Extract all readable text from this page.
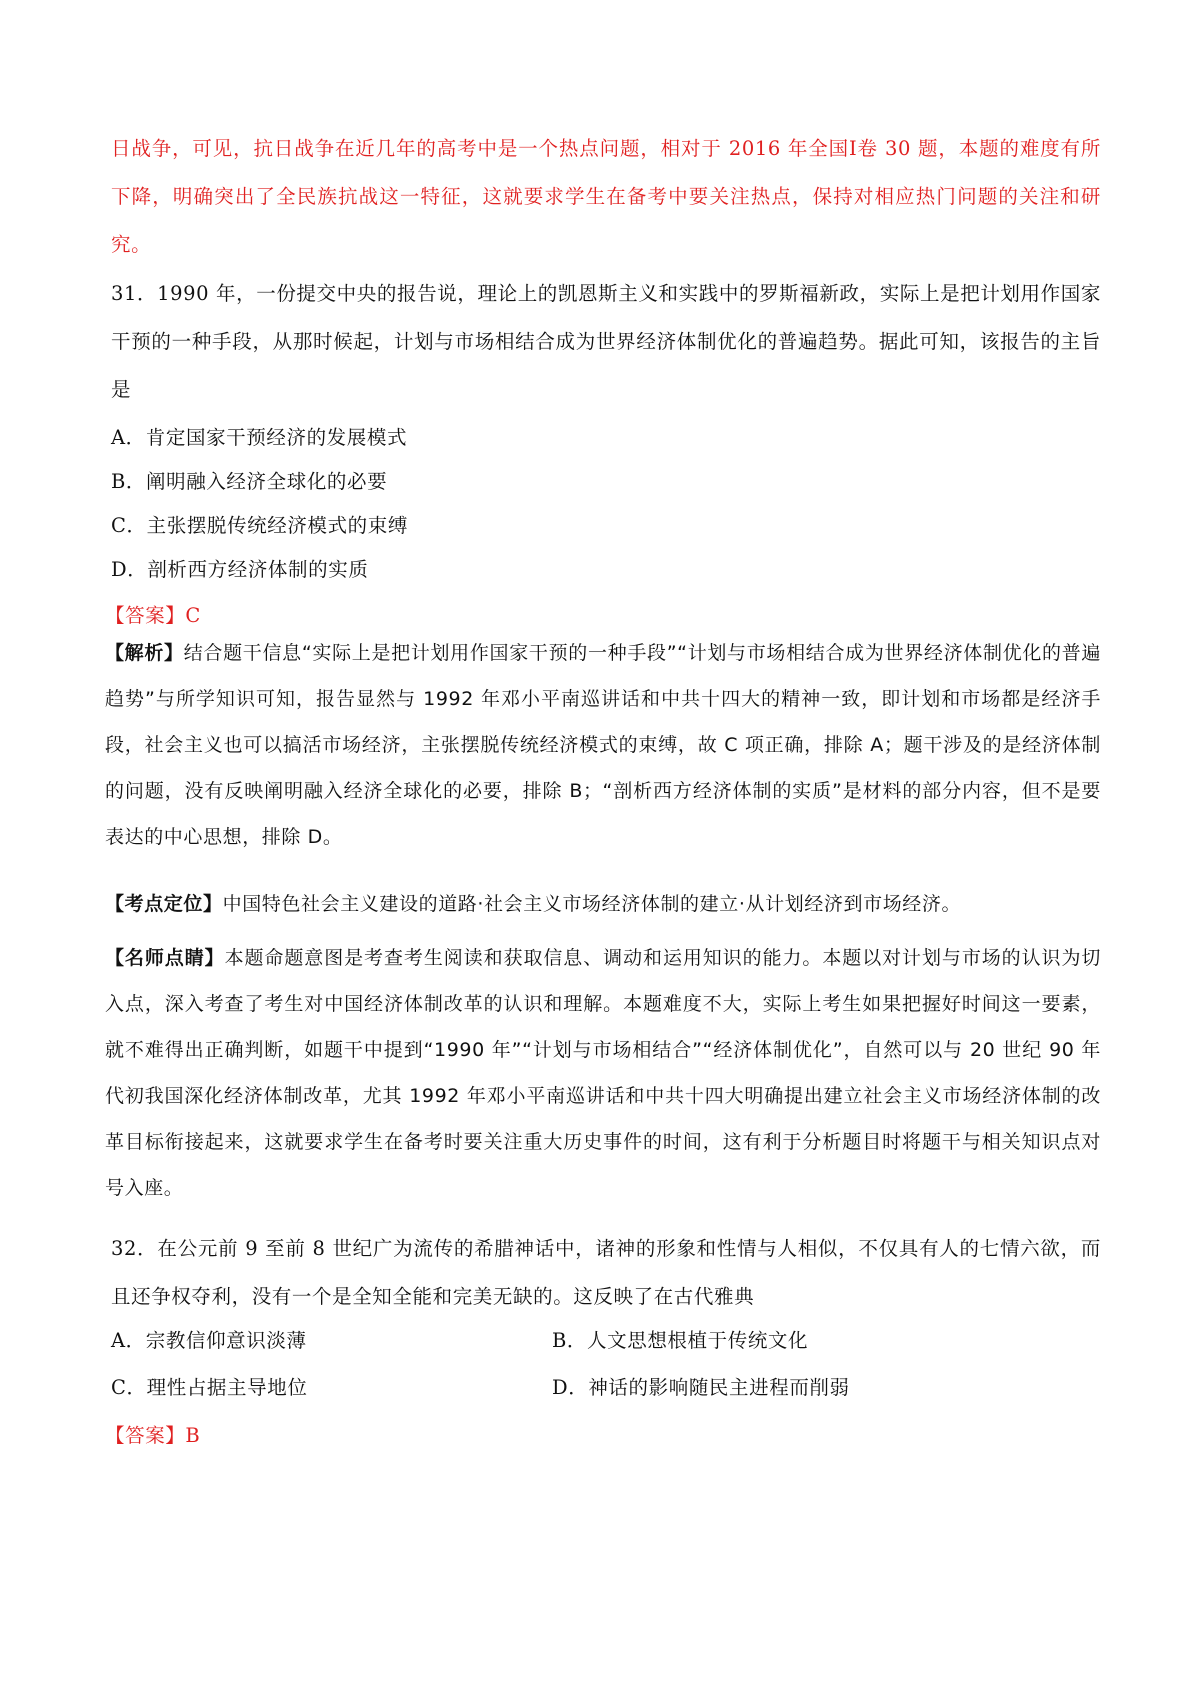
日战争，可见，抗日战争在近几年的高考中是一个热点问题，相对于 2016 年全国Ⅰ卷 30 题，本题的难度有所下降，明确突出了全民族抗战这一特征，这就要求学生在备考中要关注热点，保持对相应热门问题的关注和研究。

31．1990 年，一份提交中央的报告说，理论上的凯恩斯主义和实践中的罗斯福新政，实际上是把计划用作国家干预的一种手段，从那时候起，计划与市场相结合成为世界经济体制优化的普遍趋势。据此可知，该报告的主旨是

A．肯定国家干预经济的发展模式

B．阐明融入经济全球化的必要

C．主张摆脱传统经济模式的束缚

D．剖析西方经济体制的实质

【答案】C

【解析】结合题干信息“实际上是把计划用作国家干预的一种手段”“计划与市场相结合成为世界经济体制优化的普遍趋势”与所学知识可知，报告显然与 1992 年邓小平南巡讲话和中共十四大的精神一致，即计划和市场都是经济手段，社会主义也可以搞活市场经济，主张摆脱传统经济模式的束缚，故 C 项正确，排除 A；题干涉及的是经济体制的问题，没有反映阐明融入经济全球化的必要，排除 B；“剖析西方经济体制的实质”是材料的部分内容，但不是要表达的中心思想，排除 D。

【考点定位】中国特色社会主义建设的道路·社会主义市场经济体制的建立·从计划经济到市场经济。

【名师点睛】本题命题意图是考查考生阅读和获取信息、调动和运用知识的能力。本题以对计划与市场的认识为切入点，深入考查了考生对中国经济体制改革的认识和理解。本题难度不大，实际上考生如果把握好时间这一要素，就不难得出正确判断，如题干中提到“1990 年”“计划与市场相结合”“经济体制优化”，自然可以与 20 世纪 90 年代初我国深化经济体制改革，尤其 1992 年邓小平南巡讲话和中共十四大明确提出建立社会主义市场经济体制的改革目标衔接起来，这就要求学生在备考时要关注重大历史事件的时间，这有利于分析题目时将题干与相关知识点对号入座。

32．在公元前 9 至前 8 世纪广为流传的希腊神话中，诸神的形象和性情与人相似，不仅具有人的七情六欲，而且还争权夺利，没有一个是全知全能和完美无缺的。这反映了在古代雅典

A．宗教信仰意识淡薄	B．人文思想根植于传统文化

C．理性占据主导地位	D．神话的影响随民主进程而削弱

【答案】B
